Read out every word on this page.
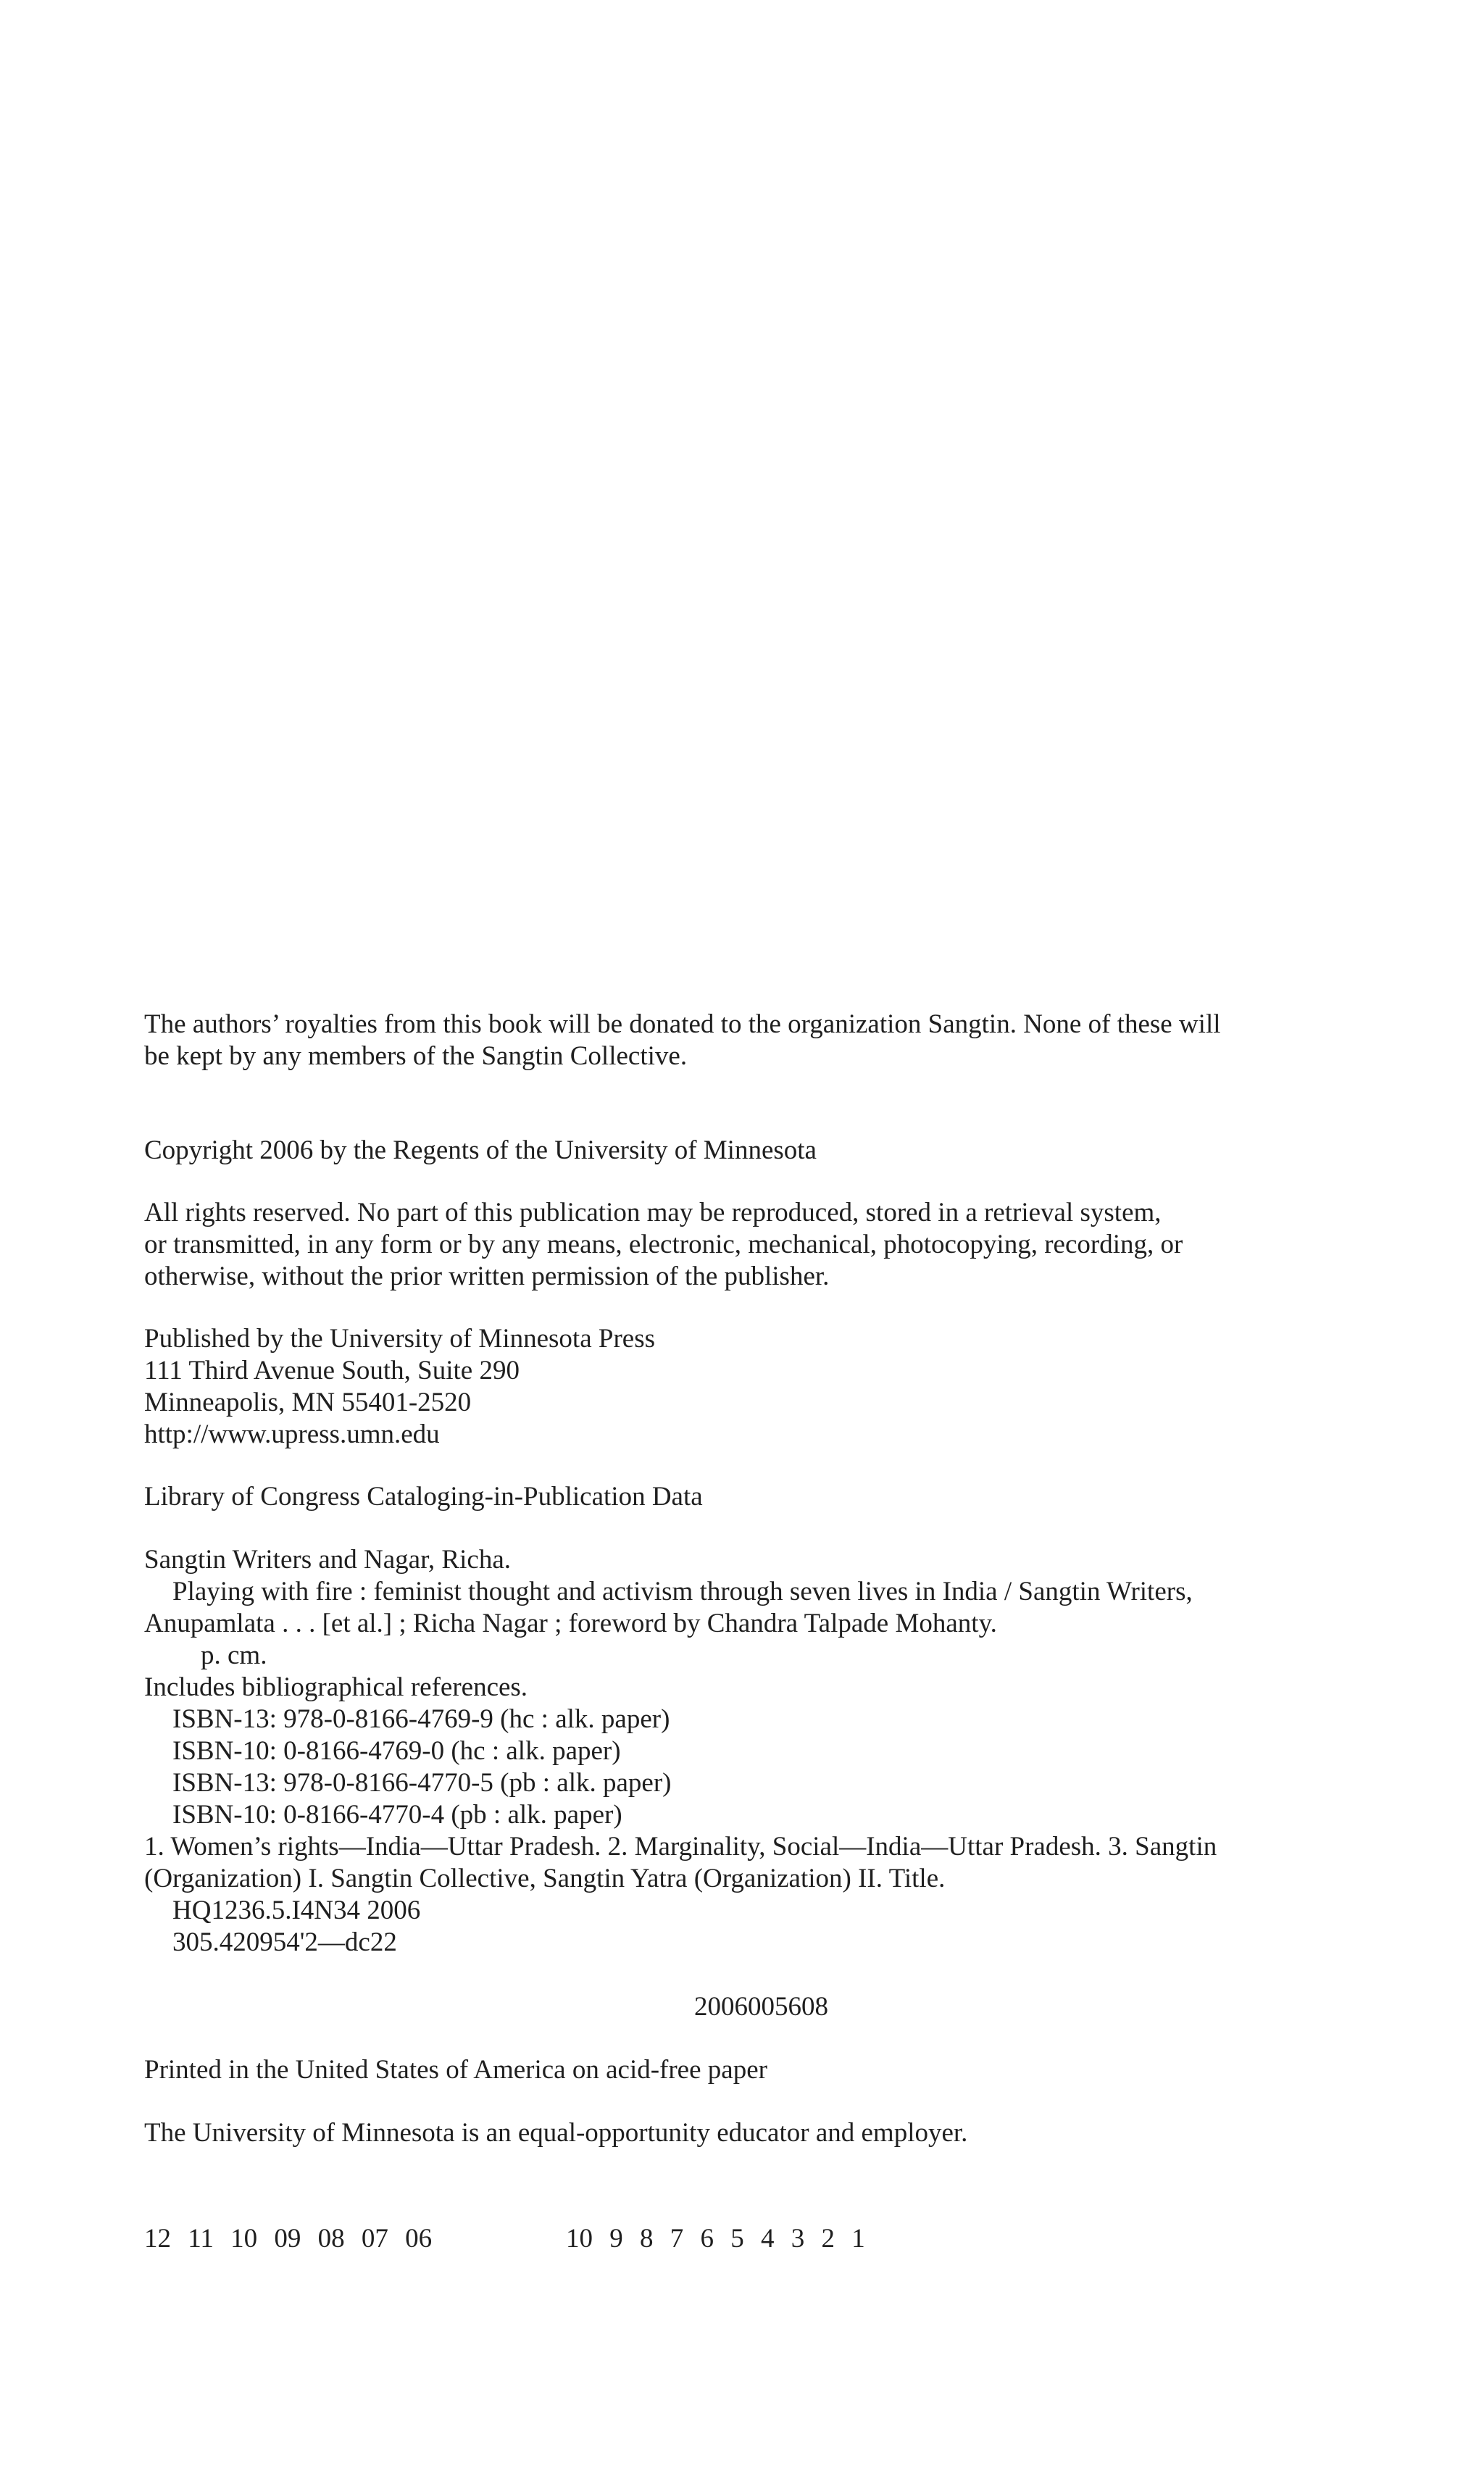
The authors’ royalties from this book will be donated to the organization Sangtin. None of these will
be kept by any members of the Sangtin Collective.
Copyright 2006 by the Regents of the University of Minnesota
All rights reserved. No part of this publication may be reproduced, stored in a retrieval system,
or transmitted, in any form or by any means, electronic, mechanical, photocopying, recording, or
otherwise, without the prior written permission of the publisher.
Published by the University of Minnesota Press
111 Third Avenue South, Suite 290
Minneapolis, MN 55401-2520
http://www.upress.umn.edu
Library of Congress Cataloging-in-Publication Data
Sangtin Writers and Nagar, Richa.
Playing with fire : feminist thought and activism through seven lives in India / Sangtin Writers,
Anupamlata . . . [et al.] ; Richa Nagar ; foreword by Chandra Talpade Mohanty.
p. cm.
Includes bibliographical references.
ISBN-13: 978-0-8166-4769-9 (hc : alk. paper)
ISBN-10: 0-8166-4769-0 (hc : alk. paper)
ISBN-13: 978-0-8166-4770-5 (pb : alk. paper)
ISBN-10: 0-8166-4770-4 (pb : alk. paper)
1. Women’s rights—India—Uttar Pradesh. 2. Marginality, Social—India—Uttar Pradesh. 3. Sangtin
(Organization) I. Sangtin Collective, Sangtin Yatra (Organization) II. Title.
HQ1236.5.I4N34 2006
305.420954'2—dc22
2006005608
Printed in the United States of America on acid-free paper
The University of Minnesota is an equal-opportunity educator and employer.
12 11 10 09 08 07 06	10 9 8 7 6 5 4 3 2 1
